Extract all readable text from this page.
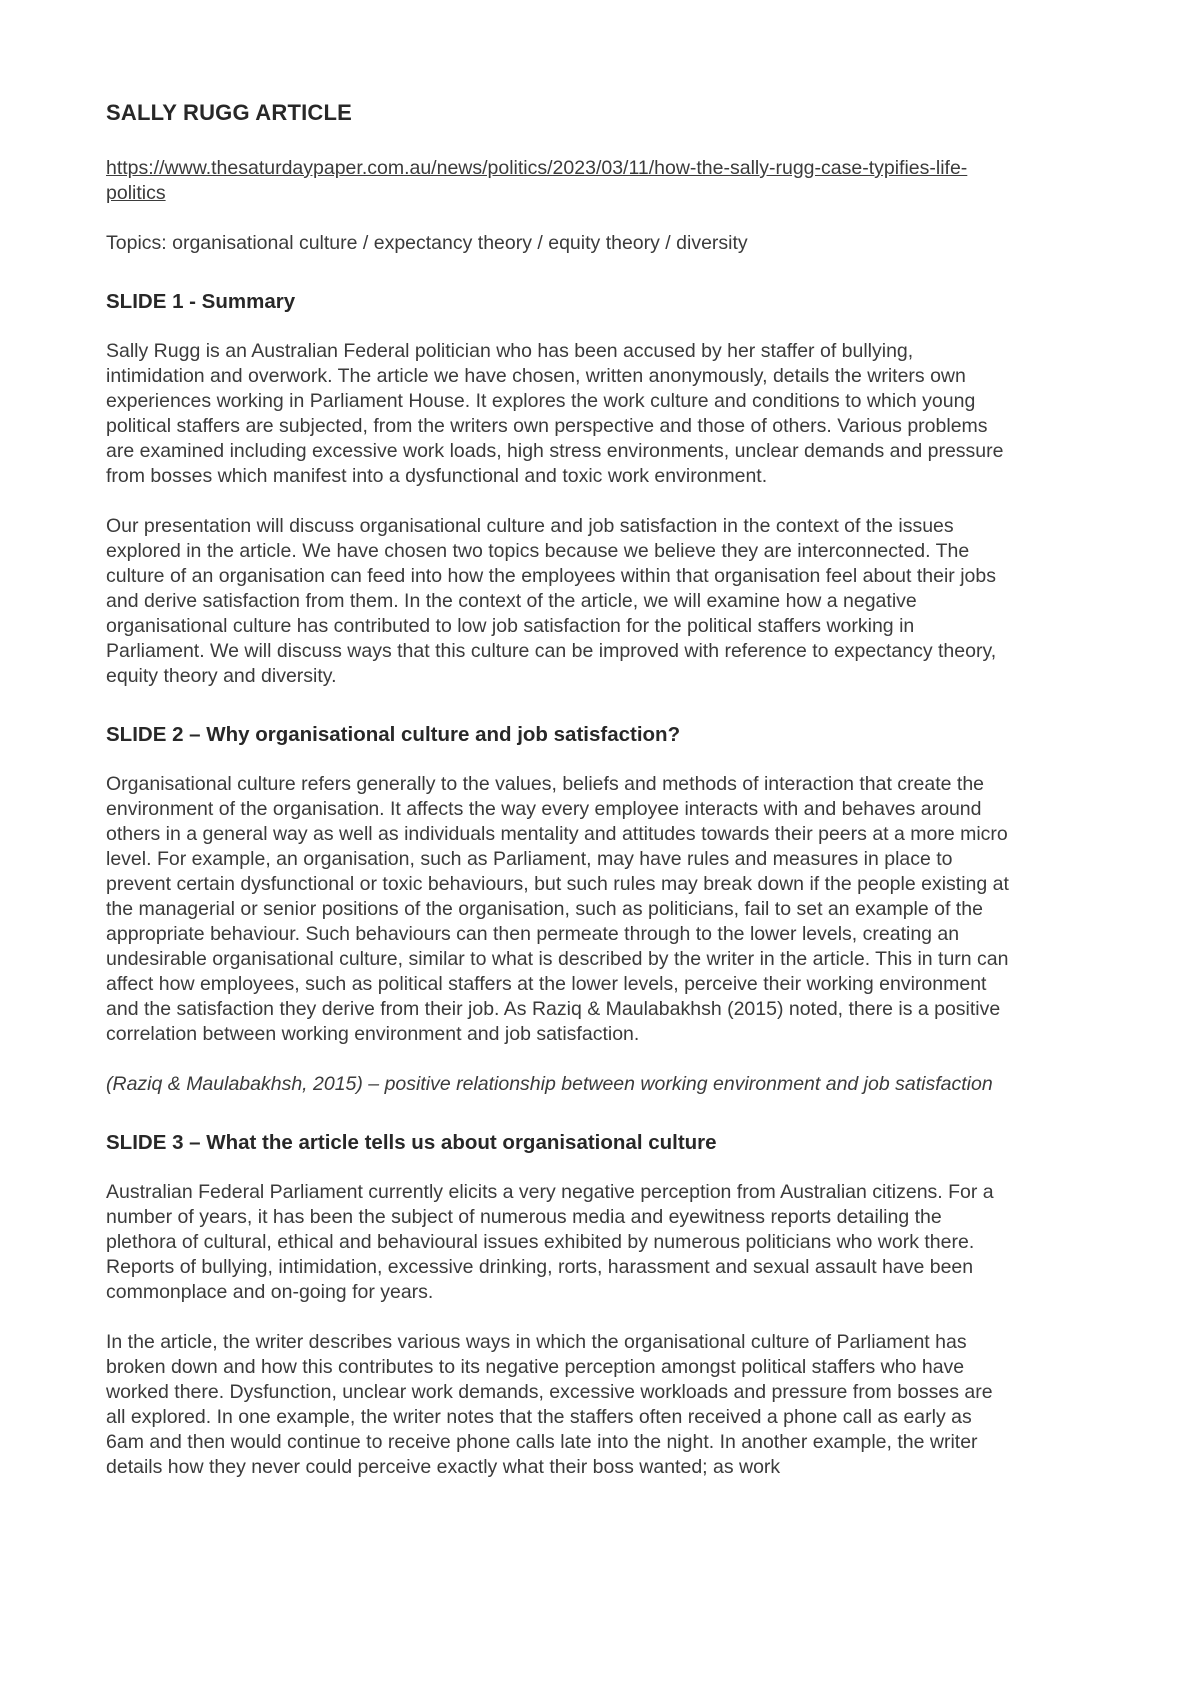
SALLY RUGG ARTICLE

https://www.thesaturdaypaper.com.au/news/politics/2023/03/11/how-the-sally-rugg-case-typifies-life-politics

Topics: organisational culture / expectancy theory / equity theory / diversity

SLIDE 1 - Summary

Sally Rugg is an Australian Federal politician who has been accused by her staffer of bullying, intimidation and overwork. The article we have chosen, written anonymously, details the writers own experiences working in Parliament House. It explores the work culture and conditions to which young political staffers are subjected, from the writers own perspective and those of others. Various problems are examined including excessive work loads, high stress environments, unclear demands and pressure from bosses which manifest into a dysfunctional and toxic work environment.

Our presentation will discuss organisational culture and job satisfaction in the context of the issues explored in the article. We have chosen two topics because we believe they are interconnected. The culture of an organisation can feed into how the employees within that organisation feel about their jobs and derive satisfaction from them. In the context of the article, we will examine how a negative organisational culture has contributed to low job satisfaction for the political staffers working in Parliament. We will discuss ways that this culture can be improved with reference to expectancy theory, equity theory and diversity.

SLIDE 2 – Why organisational culture and job satisfaction?

Organisational culture refers generally to the values, beliefs and methods of interaction that create the environment of the organisation. It affects the way every employee interacts with and behaves around others in a general way as well as individuals mentality and attitudes towards their peers at a more micro level. For example, an organisation, such as Parliament, may have rules and measures in place to prevent certain dysfunctional or toxic behaviours, but such rules may break down if the people existing at the managerial or senior positions of the organisation, such as politicians, fail to set an example of the appropriate behaviour. Such behaviours can then permeate through to the lower levels, creating an undesirable organisational culture, similar to what is described by the writer in the article. This in turn can affect how employees, such as political staffers at the lower levels, perceive their working environment and the satisfaction they derive from their job. As Raziq & Maulabakhsh (2015) noted, there is a positive correlation between working environment and job satisfaction.

(Raziq & Maulabakhsh, 2015) – positive relationship between working environment and job satisfaction

SLIDE 3 – What the article tells us about organisational culture

Australian Federal Parliament currently elicits a very negative perception from Australian citizens. For a number of years, it has been the subject of numerous media and eyewitness reports detailing the plethora of cultural, ethical and behavioural issues exhibited by numerous politicians who work there. Reports of bullying, intimidation, excessive drinking, rorts, harassment and sexual assault have been commonplace and on-going for years.

In the article, the writer describes various ways in which the organisational culture of Parliament has broken down and how this contributes to its negative perception amongst political staffers who have worked there. Dysfunction, unclear work demands, excessive workloads and pressure from bosses are all explored. In one example, the writer notes that the staffers often received a phone call as early as 6am and then would continue to receive phone calls late into the night. In another example, the writer details how they never could perceive exactly what their boss wanted; as work
